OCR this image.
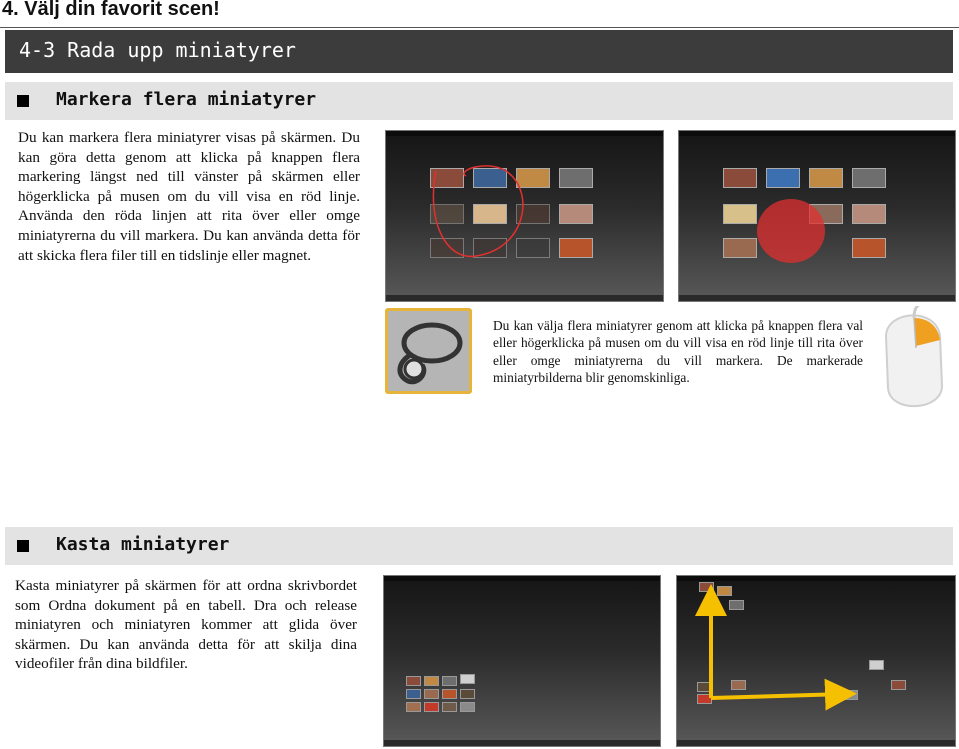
4. Välj din favorit scen!
4-3 Rada upp miniatyrer
Markera flera miniatyrer
Du kan markera flera miniatyrer visas på skärmen. Du kan göra detta genom att klicka på knappen flera markering längst ned till vänster på skärmen eller högerklicka på musen om du vill visa en röd linje. Använda den röda linjen att rita över eller omge miniatyrerna du vill markera. Du kan använda detta för att skicka flera filer till en tidslinje eller magnet.
Du kan välja flera miniatyrer genom att klicka på knappen flera val eller högerklicka på musen om du vill visa en röd linje till rita över eller omge miniatyrerna du vill markera. De markerade miniatyrbilderna blir genomskinliga.
Kasta miniatyrer
Kasta miniatyrer på skärmen för att ordna skrivbordet som Ordna dokument på en tabell. Dra och release miniatyren och miniatyren kommer att glida över skärmen. Du kan använda detta för att skilja dina videofiler från dina bildfiler.
